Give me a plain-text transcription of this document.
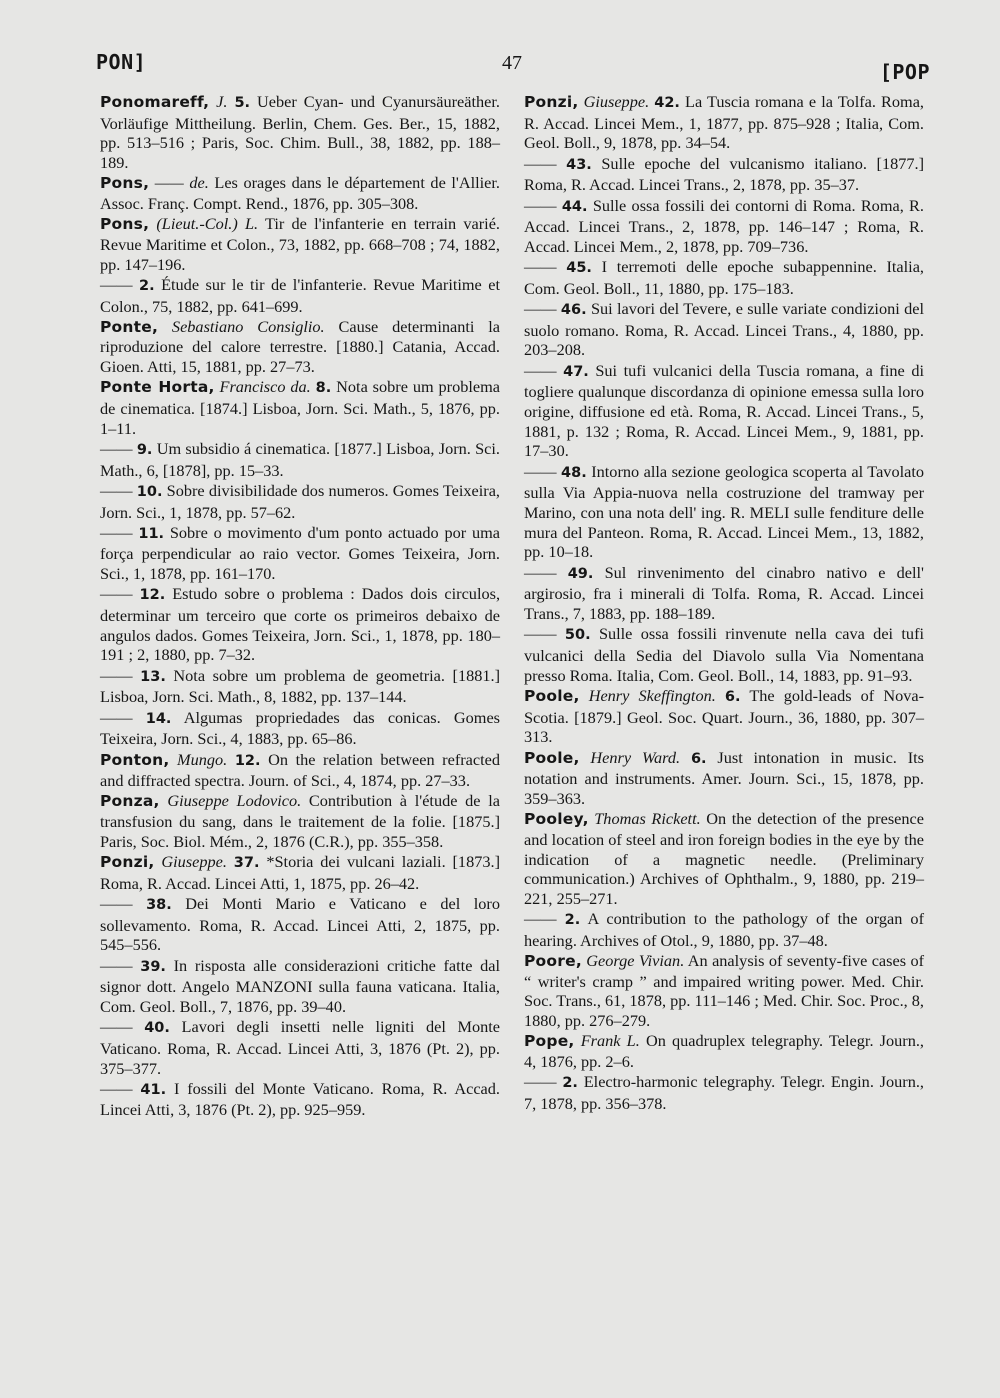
PON]	47	[POP

Ponomareff, J. 5. Ueber Cyan- und Cyanursäureäther. Vorläufige Mittheilung. Berlin, Chem. Ges. Ber., 15, 1882, pp. 513–516 ; Paris, Soc. Chim. Bull., 38, 1882, pp. 188–189.

Pons, —— de. Les orages dans le département de l'Allier. Assoc. Franç. Compt. Rend., 1876, pp. 305–308.

Pons, (Lieut.-Col.) L. Tir de l'infanterie en terrain varié. Revue Maritime et Colon., 73, 1882, pp. 668–708 ; 74, 1882, pp. 147–196.

—— 2. Étude sur le tir de l'infanterie. Revue Maritime et Colon., 75, 1882, pp. 641–699.

Ponte, Sebastiano Consiglio. Cause determinanti la riproduzione del calore terrestre. [1880.] Catania, Accad. Gioen. Atti, 15, 1881, pp. 27–73.

Ponte Horta, Francisco da. 8. Nota sobre um problema de cinematica. [1874.] Lisboa, Jorn. Sci. Math., 5, 1876, pp. 1–11.

—— 9. Um subsidio á cinematica. [1877.] Lisboa, Jorn. Sci. Math., 6, [1878], pp. 15–33.

—— 10. Sobre divisibilidade dos numeros. Gomes Teixeira, Jorn. Sci., 1, 1878, pp. 57–62.

—— 11. Sobre o movimento d'um ponto actuado por uma força perpendicular ao raio vector. Gomes Teixeira, Jorn. Sci., 1, 1878, pp. 161–170.

—— 12. Estudo sobre o problema : Dados dois circulos, determinar um terceiro que corte os primeiros debaixo de angulos dados. Gomes Teixeira, Jorn. Sci., 1, 1878, pp. 180–191 ; 2, 1880, pp. 7–32.

—— 13. Nota sobre um problema de geometria. [1881.] Lisboa, Jorn. Sci. Math., 8, 1882, pp. 137–144.

—— 14. Algumas propriedades das conicas. Gomes Teixeira, Jorn. Sci., 4, 1883, pp. 65–86.

Ponton, Mungo. 12. On the relation between refracted and diffracted spectra. Journ. of Sci., 4, 1874, pp. 27–33.

Ponza, Giuseppe Lodovico. Contribution à l'étude de la transfusion du sang, dans le traitement de la folie. [1875.] Paris, Soc. Biol. Mém., 2, 1876 (C.R.), pp. 355–358.

Ponzi, Giuseppe. 37. *Storia dei vulcani laziali. [1873.] Roma, R. Accad. Lincei Atti, 1, 1875, pp. 26–42.

—— 38. Dei Monti Mario e Vaticano e del loro sollevamento. Roma, R. Accad. Lincei Atti, 2, 1875, pp. 545–556.

—— 39. In risposta alle considerazioni critiche fatte dal signor dott. Angelo MANZONI sulla fauna vaticana. Italia, Com. Geol. Boll., 7, 1876, pp. 39–40.

—— 40. Lavori degli insetti nelle ligniti del Monte Vaticano. Roma, R. Accad. Lincei Atti, 3, 1876 (Pt. 2), pp. 375–377.

—— 41. I fossili del Monte Vaticano. Roma, R. Accad. Lincei Atti, 3, 1876 (Pt. 2), pp. 925–959.

Ponzi, Giuseppe. 42. La Tuscia romana e la Tolfa. Roma, R. Accad. Lincei Mem., 1, 1877, pp. 875–928 ; Italia, Com. Geol. Boll., 9, 1878, pp. 34–54.

—— 43. Sulle epoche del vulcanismo italiano. [1877.] Roma, R. Accad. Lincei Trans., 2, 1878, pp. 35–37.

—— 44. Sulle ossa fossili dei contorni di Roma. Roma, R. Accad. Lincei Trans., 2, 1878, pp. 146–147 ; Roma, R. Accad. Lincei Mem., 2, 1878, pp. 709–736.

—— 45. I terremoti delle epoche subappennine. Italia, Com. Geol. Boll., 11, 1880, pp. 175–183.

—— 46. Sui lavori del Tevere, e sulle variate condizioni del suolo romano. Roma, R. Accad. Lincei Trans., 4, 1880, pp. 203–208.

—— 47. Sui tufi vulcanici della Tuscia romana, a fine di togliere qualunque discordanza di opinione emessa sulla loro origine, diffusione ed età. Roma, R. Accad. Lincei Trans., 5, 1881, p. 132 ; Roma, R. Accad. Lincei Mem., 9, 1881, pp. 17–30.

—— 48. Intorno alla sezione geologica scoperta al Tavolato sulla Via Appia-nuova nella costruzione del tramway per Marino, con una nota dell' ing. R. MELI sulle fenditure delle mura del Panteon. Roma, R. Accad. Lincei Mem., 13, 1882, pp. 10–18.

—— 49. Sul rinvenimento del cinabro nativo e dell' argirosio, fra i minerali di Tolfa. Roma, R. Accad. Lincei Trans., 7, 1883, pp. 188–189.

—— 50. Sulle ossa fossili rinvenute nella cava dei tufi vulcanici della Sedia del Diavolo sulla Via Nomentana presso Roma. Italia, Com. Geol. Boll., 14, 1883, pp. 91–93.

Poole, Henry Skeffington. 6. The gold-leads of Nova-Scotia. [1879.] Geol. Soc. Quart. Journ., 36, 1880, pp. 307–313.

Poole, Henry Ward. 6. Just intonation in music. Its notation and instruments. Amer. Journ. Sci., 15, 1878, pp. 359–363.

Pooley, Thomas Rickett. On the detection of the presence and location of steel and iron foreign bodies in the eye by the indication of a magnetic needle. (Preliminary communication.) Archives of Ophthalm., 9, 1880, pp. 219–221, 255–271.

—— 2. A contribution to the pathology of the organ of hearing. Archives of Otol., 9, 1880, pp. 37–48.

Poore, George Vivian. An analysis of seventy-five cases of “ writer's cramp ” and impaired writing power. Med. Chir. Soc. Trans., 61, 1878, pp. 111–146 ; Med. Chir. Soc. Proc., 8, 1880, pp. 276–279.

Pope, Frank L. On quadruplex telegraphy. Telegr. Journ., 4, 1876, pp. 2–6.

—— 2. Electro-harmonic telegraphy. Telegr. Engin. Journ., 7, 1878, pp. 356–378.
